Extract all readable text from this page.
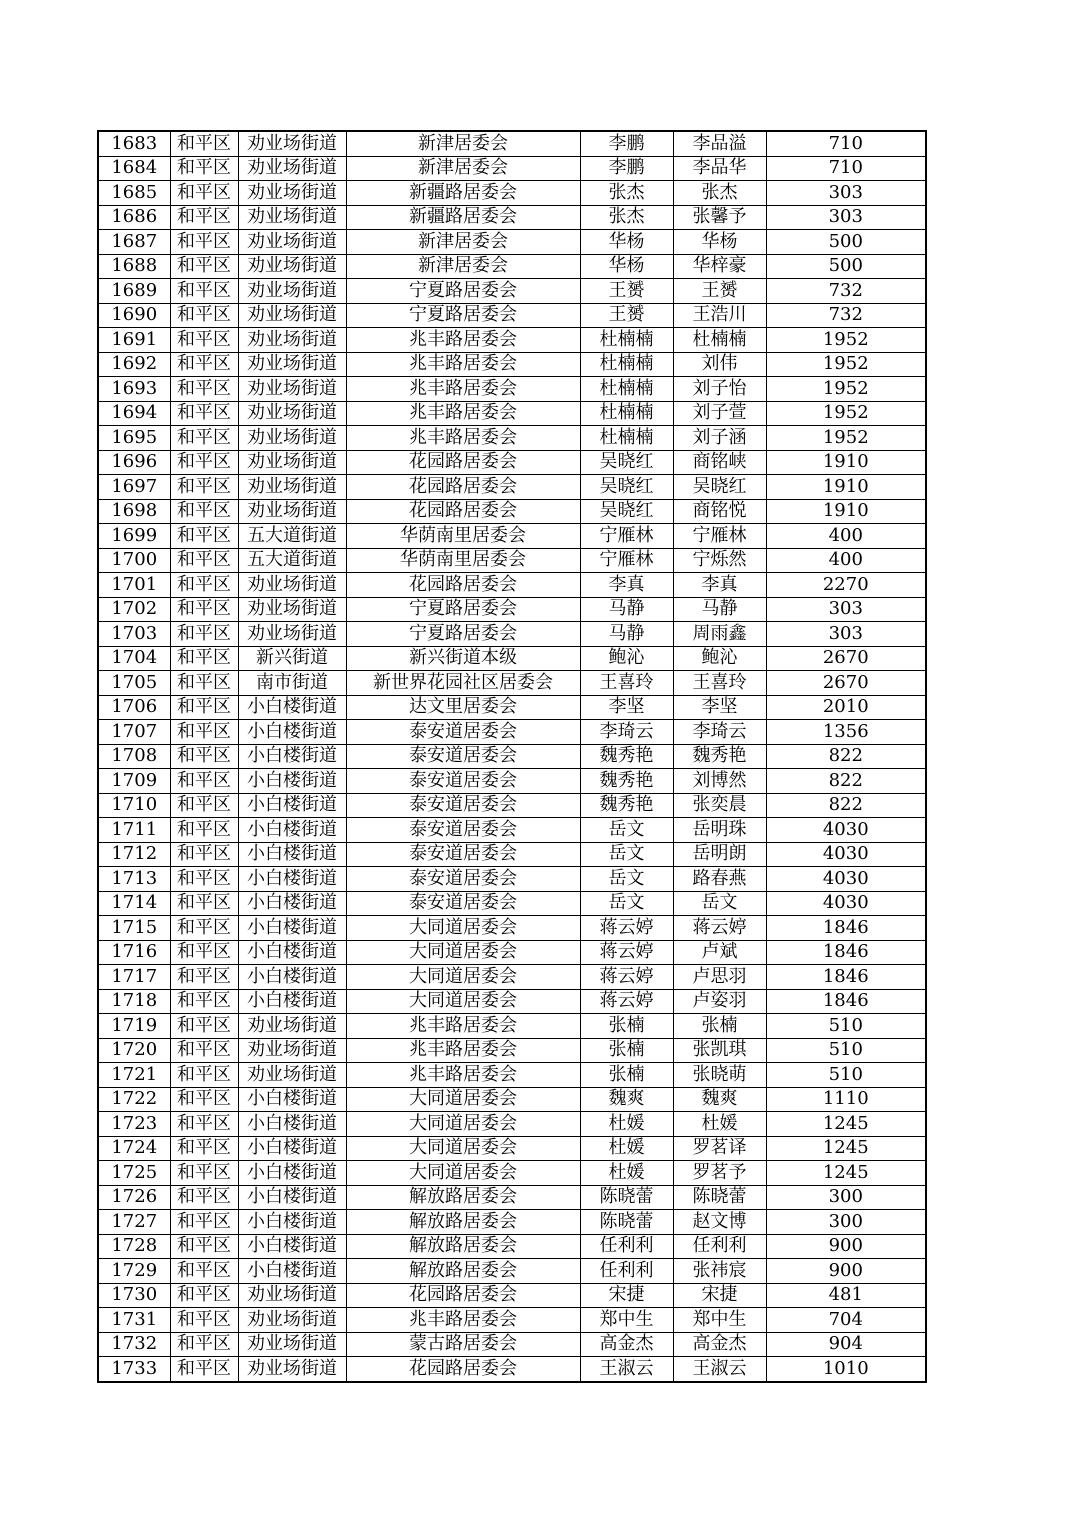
1683	和平区	劝业场街道	新津居委会	李鹏	李品溢	710
1684	和平区	劝业场街道	新津居委会	李鹏	李品华	710
1685	和平区	劝业场街道	新疆路居委会	张杰	张杰	303
1686	和平区	劝业场街道	新疆路居委会	张杰	张馨予	303
1687	和平区	劝业场街道	新津居委会	华杨	华杨	500
1688	和平区	劝业场街道	新津居委会	华杨	华梓豪	500
1689	和平区	劝业场街道	宁夏路居委会	王赟	王赟	732
1690	和平区	劝业场街道	宁夏路居委会	王赟	王浩川	732
1691	和平区	劝业场街道	兆丰路居委会	杜楠楠	杜楠楠	1952
1692	和平区	劝业场街道	兆丰路居委会	杜楠楠	刘伟	1952
1693	和平区	劝业场街道	兆丰路居委会	杜楠楠	刘子怡	1952
1694	和平区	劝业场街道	兆丰路居委会	杜楠楠	刘子萱	1952
1695	和平区	劝业场街道	兆丰路居委会	杜楠楠	刘子涵	1952
1696	和平区	劝业场街道	花园路居委会	吴晓红	商铭峡	1910
1697	和平区	劝业场街道	花园路居委会	吴晓红	吴晓红	1910
1698	和平区	劝业场街道	花园路居委会	吴晓红	商铭悦	1910
1699	和平区	五大道街道	华荫南里居委会	宁雁林	宁雁林	400
1700	和平区	五大道街道	华荫南里居委会	宁雁林	宁烁然	400
1701	和平区	劝业场街道	花园路居委会	李真	李真	2270
1702	和平区	劝业场街道	宁夏路居委会	马静	马静	303
1703	和平区	劝业场街道	宁夏路居委会	马静	周雨鑫	303
1704	和平区	新兴街道	新兴街道本级	鲍沁	鲍沁	2670
1705	和平区	南市街道	新世界花园社区居委会	王喜玲	王喜玲	2670
1706	和平区	小白楼街道	达文里居委会	李坚	李坚	2010
1707	和平区	小白楼街道	泰安道居委会	李琦云	李琦云	1356
1708	和平区	小白楼街道	泰安道居委会	魏秀艳	魏秀艳	822
1709	和平区	小白楼街道	泰安道居委会	魏秀艳	刘博然	822
1710	和平区	小白楼街道	泰安道居委会	魏秀艳	张奕晨	822
1711	和平区	小白楼街道	泰安道居委会	岳文	岳明珠	4030
1712	和平区	小白楼街道	泰安道居委会	岳文	岳明朗	4030
1713	和平区	小白楼街道	泰安道居委会	岳文	路春燕	4030
1714	和平区	小白楼街道	泰安道居委会	岳文	岳文	4030
1715	和平区	小白楼街道	大同道居委会	蒋云婷	蒋云婷	1846
1716	和平区	小白楼街道	大同道居委会	蒋云婷	卢斌	1846
1717	和平区	小白楼街道	大同道居委会	蒋云婷	卢思羽	1846
1718	和平区	小白楼街道	大同道居委会	蒋云婷	卢姿羽	1846
1719	和平区	劝业场街道	兆丰路居委会	张楠	张楠	510
1720	和平区	劝业场街道	兆丰路居委会	张楠	张凯琪	510
1721	和平区	劝业场街道	兆丰路居委会	张楠	张晓萌	510
1722	和平区	小白楼街道	大同道居委会	魏爽	魏爽	1110
1723	和平区	小白楼街道	大同道居委会	杜媛	杜媛	1245
1724	和平区	小白楼街道	大同道居委会	杜媛	罗茗译	1245
1725	和平区	小白楼街道	大同道居委会	杜媛	罗茗予	1245
1726	和平区	小白楼街道	解放路居委会	陈晓蕾	陈晓蕾	300
1727	和平区	小白楼街道	解放路居委会	陈晓蕾	赵文博	300
1728	和平区	小白楼街道	解放路居委会	任利利	任利利	900
1729	和平区	小白楼街道	解放路居委会	任利利	张祎宸	900
1730	和平区	劝业场街道	花园路居委会	宋捷	宋捷	481
1731	和平区	劝业场街道	兆丰路居委会	郑中生	郑中生	704
1732	和平区	劝业场街道	蒙古路居委会	高金杰	高金杰	904
1733	和平区	劝业场街道	花园路居委会	王淑云	王淑云	1010
